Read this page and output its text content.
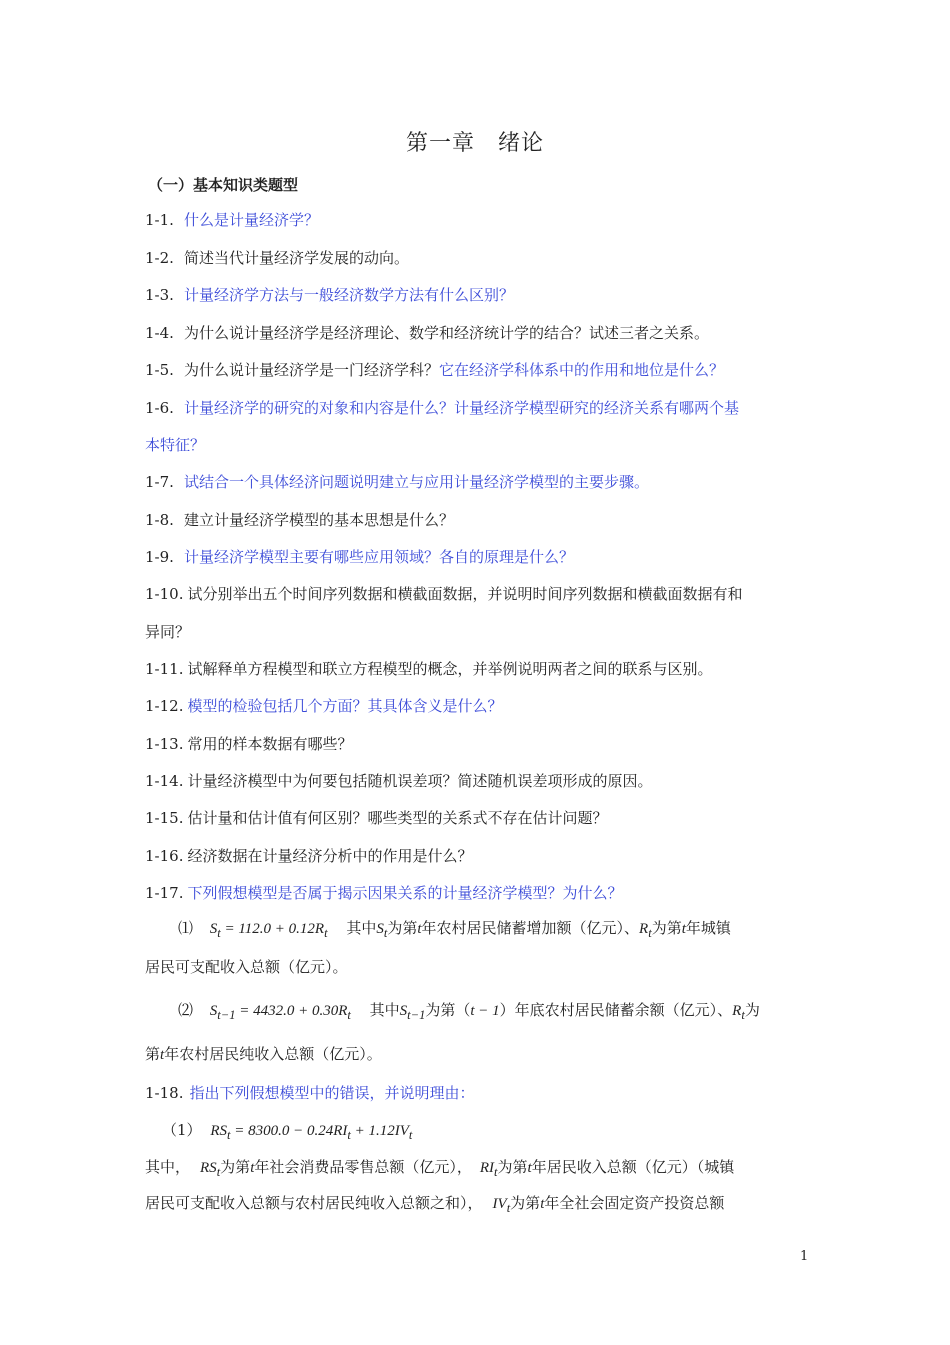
第一章　绪论
（一）基本知识类题型
1-1. 什么是计量经济学？
1-2. 简述当代计量经济学发展的动向。
1-3. 计量经济学方法与一般经济数学方法有什么区别？
1-4. 为什么说计量经济学是经济理论、数学和经济统计学的结合？试述三者之关系。
1-5. 为什么说计量经济学是一门经济学科？它在经济学科体系中的作用和地位是什么？
1-6. 计量经济学的研究的对象和内容是什么？计量经济学模型研究的经济关系有哪两个基
本特征？
1-7. 试结合一个具体经济问题说明建立与应用计量经济学模型的主要步骤。
1-8. 建立计量经济学模型的基本思想是什么？
1-9. 计量经济学模型主要有哪些应用领域？各自的原理是什么？
1-10. 试分别举出五个时间序列数据和横截面数据，并说明时间序列数据和横截面数据有和
异同？
1-11. 试解释单方程模型和联立方程模型的概念，并举例说明两者之间的联系与区别。
1-12. 模型的检验包括几个方面？其具体含义是什么？
1-13. 常用的样本数据有哪些？
1-14. 计量经济模型中为何要包括随机误差项？简述随机误差项形成的原因。
1-15. 估计量和估计值有何区别？哪些类型的关系式不存在估计问题？
1-16. 经济数据在计量经济分析中的作用是什么？
1-17. 下列假想模型是否属于揭示因果关系的计量经济学模型？为什么？
⑴ $S_t = 112.0 + 0.12R_t$ 其中$S_t$为第t年农村居民储蓄增加额（亿元）、$R_t$为第t年城镇
居民可支配收入总额（亿元）。
⑵ $S_{t-1} = 4432.0 + 0.30R_t$ 其中$S_{t-1}$为第（t − 1）年底农村居民储蓄余额（亿元）、$R_t$为
第t年农村居民纯收入总额（亿元）。
1-18. 指出下列假想模型中的错误，并说明理由：
（1） $RS_t = 8300.0 - 0.24RI_t + 1.12IV_t$
其中， $RS_t$为第t年社会消费品零售总额（亿元）， $RI_t$为第t年居民收入总额（亿元）（城镇
居民可支配收入总额与农村居民纯收入总额之和）， $IV_t$为第t年全社会固定资产投资总额
1
